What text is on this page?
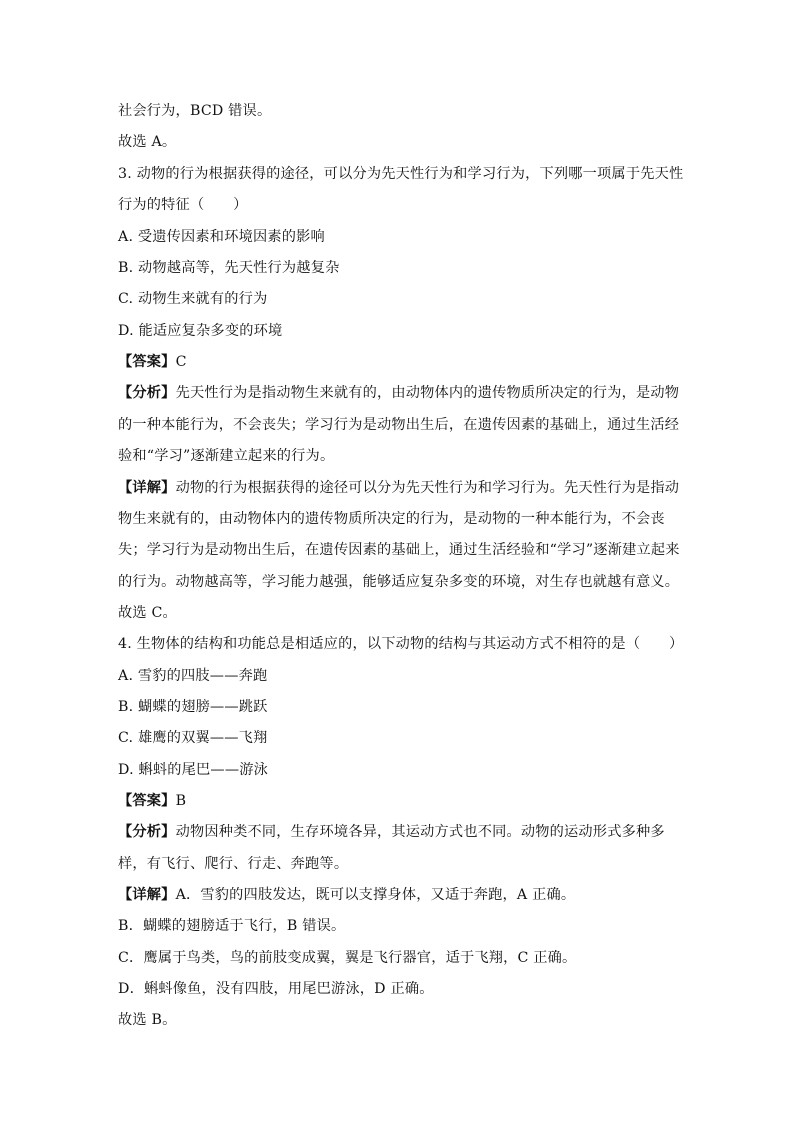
社会行为，BCD 错误。
故选 A。
3. 动物的行为根据获得的途径，可以分为先天性行为和学习行为，下列哪一项属于先天性
行为的特征（　　）
A. 受遗传因素和环境因素的影响
B. 动物越高等，先天性行为越复杂
C. 动物生来就有的行为
D. 能适应复杂多变的环境
【答案】C
【分析】先天性行为是指动物生来就有的，由动物体内的遗传物质所决定的行为，是动物
的一种本能行为，不会丧失；学习行为是动物出生后，在遗传因素的基础上，通过生活经
验和“学习”逐渐建立起来的行为。
【详解】动物的行为根据获得的途径可以分为先天性行为和学习行为。先天性行为是指动
物生来就有的，由动物体内的遗传物质所决定的行为，是动物的一种本能行为，不会丧
失；学习行为是动物出生后，在遗传因素的基础上，通过生活经验和“学习”逐渐建立起来
的行为。动物越高等，学习能力越强，能够适应复杂多变的环境，对生存也就越有意义。
故选 C。
4. 生物体的结构和功能总是相适应的，以下动物的结构与其运动方式不相符的是（　　）
A. 雪豹的四肢——奔跑
B. 蝴蝶的翅膀——跳跃
C. 雄鹰的双翼——飞翔
D. 蝌蚪的尾巴——游泳
【答案】B
【分析】动物因种类不同，生存环境各异，其运动方式也不同。动物的运动形式多种多
样，有飞行、爬行、行走、奔跑等。
【详解】A．雪豹的四肢发达，既可以支撑身体，又适于奔跑，A 正确。
B．蝴蝶的翅膀适于飞行，B 错误。
C．鹰属于鸟类，鸟的前肢变成翼，翼是飞行器官，适于飞翔，C 正确。
D．蝌蚪像鱼，没有四肢，用尾巴游泳，D 正确。
故选 B。
